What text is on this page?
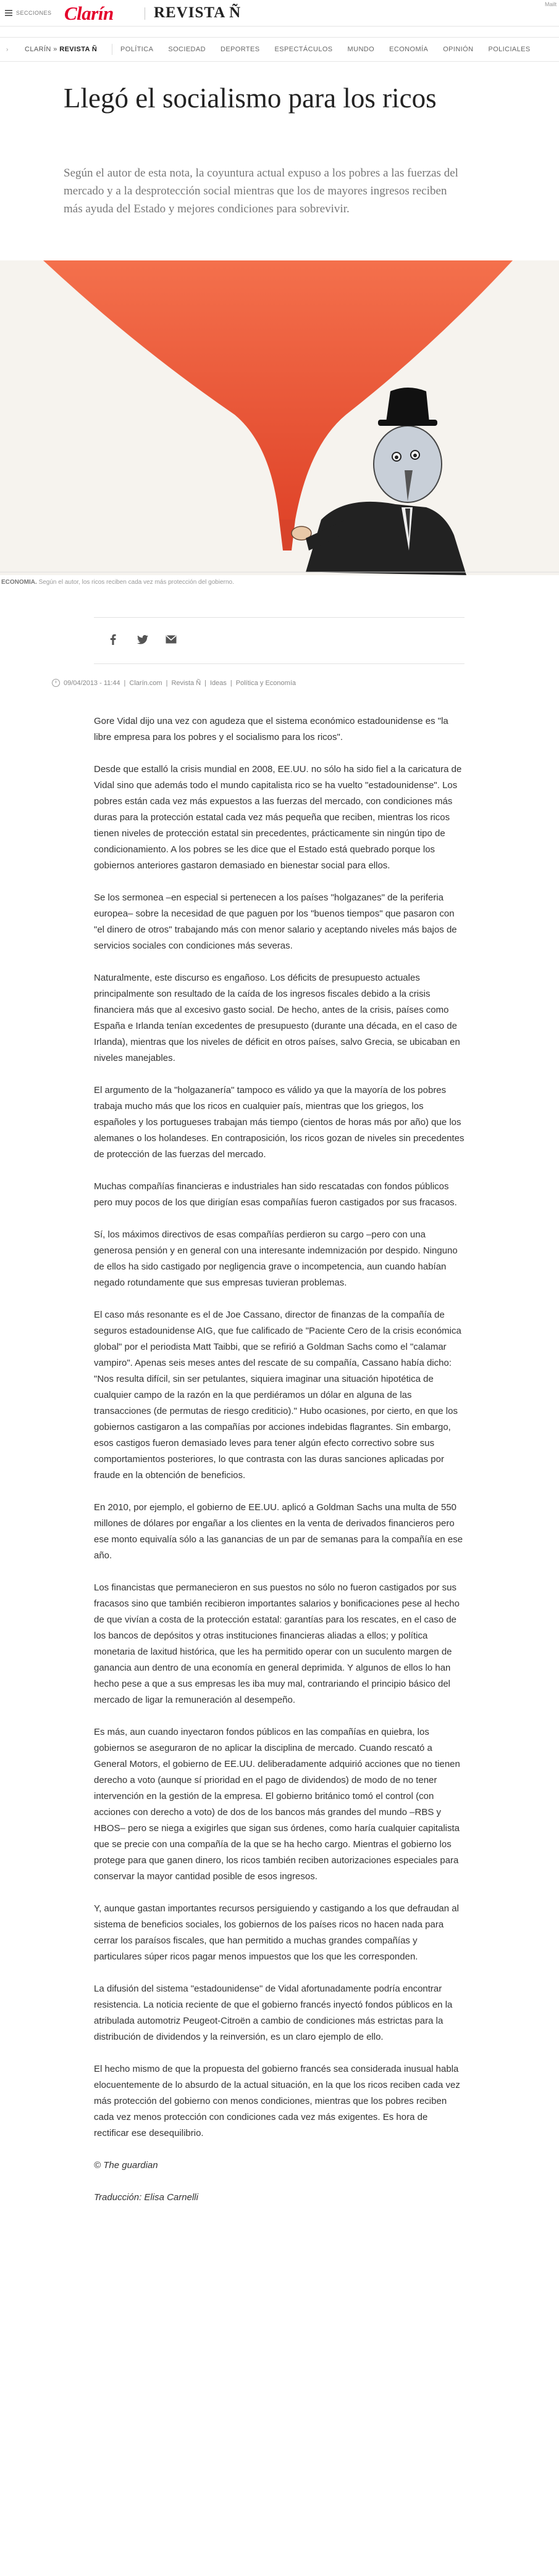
SECCIONES Clarín	REVISTA Ñ	Mailt
› CLARÍN » REVISTA Ñ	POLÍTICA SOCIEDAD DEPORTES ESPECTÁCULOS MUNDO ECONOMÍA OPINIÓN POLICIALES
Llegó el socialismo para los ricos

Según el autor de esta nota, la coyuntura actual expuso a los pobres a las fuerzas del mercado y a la desprotección social mientras que los de mayores ingresos reciben más ayuda del Estado y mejores condiciones para sobrevivir.

ECONOMIA. Según el autor, los ricos reciben cada vez más protección del gobierno.
09/04/2013 - 11:44 | Clarín.com | Revista Ñ | Ideas | Política y Economía

Gore Vidal dijo una vez con agudeza que el sistema económico estadounidense es "la libre empresa para los pobres y el socialismo para los ricos".

Desde que estalló la crisis mundial en 2008, EE.UU. no sólo ha sido fiel a la caricatura de Vidal sino que además todo el mundo capitalista rico se ha vuelto "estadounidense". Los pobres están cada vez más expuestos a las fuerzas del mercado, con condiciones más duras para la protección estatal cada vez más pequeña que reciben, mientras los ricos tienen niveles de protección estatal sin precedentes, prácticamente sin ningún tipo de condicionamiento. A los pobres se les dice que el Estado está quebrado porque los gobiernos anteriores gastaron demasiado en bienestar social para ellos.

Se los sermonea –en especial si pertenecen a los países "holgazanes" de la periferia europea– sobre la necesidad de que paguen por los "buenos tiempos" que pasaron con "el dinero de otros" trabajando más con menor salario y aceptando niveles más bajos de servicios sociales con condiciones más severas.

Naturalmente, este discurso es engañoso. Los déficits de presupuesto actuales principalmente son resultado de la caída de los ingresos fiscales debido a la crisis financiera más que al excesivo gasto social. De hecho, antes de la crisis, países como España e Irlanda tenían excedentes de presupuesto (durante una década, en el caso de Irlanda), mientras que los niveles de déficit en otros países, salvo Grecia, se ubicaban en niveles manejables.

El argumento de la "holgazanería" tampoco es válido ya que la mayoría de los pobres trabaja mucho más que los ricos en cualquier país, mientras que los griegos, los españoles y los portugueses trabajan más tiempo (cientos de horas más por año) que los alemanes o los holandeses. En contraposición, los ricos gozan de niveles sin precedentes de protección de las fuerzas del mercado.

Muchas compañías financieras e industriales han sido rescatadas con fondos públicos pero muy pocos de los que dirigían esas compañías fueron castigados por sus fracasos.

Sí, los máximos directivos de esas compañías perdieron su cargo –pero con una generosa pensión y en general con una interesante indemnización por despido. Ninguno de ellos ha sido castigado por negligencia grave o incompetencia, aun cuando habían negado rotundamente que sus empresas tuvieran problemas.

El caso más resonante es el de Joe Cassano, director de finanzas de la compañía de seguros estadounidense AIG, que fue calificado de "Paciente Cero de la crisis económica global" por el periodista Matt Taibbi, que se refirió a Goldman Sachs como el "calamar vampiro". Apenas seis meses antes del rescate de su compañía, Cassano había dicho: "Nos resulta difícil, sin ser petulantes, siquiera imaginar una situación hipotética de cualquier campo de la razón en la que perdiéramos un dólar en alguna de las transacciones (de permutas de riesgo crediticio)." Hubo ocasiones, por cierto, en que los gobiernos castigaron a las compañías por acciones indebidas flagrantes. Sin embargo, esos castigos fueron demasiado leves para tener algún efecto correctivo sobre sus comportamientos posteriores, lo que contrasta con las duras sanciones aplicadas por fraude en la obtención de beneficios.

En 2010, por ejemplo, el gobierno de EE.UU. aplicó a Goldman Sachs una multa de 550 millones de dólares por engañar a los clientes en la venta de derivados financieros pero ese monto equivalía sólo a las ganancias de un par de semanas para la compañía en ese año.

Los financistas que permanecieron en sus puestos no sólo no fueron castigados por sus fracasos sino que también recibieron importantes salarios y bonificaciones pese al hecho de que vivían a costa de la protección estatal: garantías para los rescates, en el caso de los bancos de depósitos y otras instituciones financieras aliadas a ellos; y política monetaria de laxitud histórica, que les ha permitido operar con un suculento margen de ganancia aun dentro de una economía en general deprimida. Y algunos de ellos lo han hecho pese a que a sus empresas les iba muy mal, contrariando el principio básico del mercado de ligar la remuneración al desempeño.

Es más, aun cuando inyectaron fondos públicos en las compañías en quiebra, los gobiernos se aseguraron de no aplicar la disciplina de mercado. Cuando rescató a General Motors, el gobierno de EE.UU. deliberadamente adquirió acciones que no tienen derecho a voto (aunque sí prioridad en el pago de dividendos) de modo de no tener intervención en la gestión de la empresa. El gobierno británico tomó el control (con acciones con derecho a voto) de dos de los bancos más grandes del mundo –RBS y HBOS– pero se niega a exigirles que sigan sus órdenes, como haría cualquier capitalista que se precie con una compañía de la que se ha hecho cargo. Mientras el gobierno los protege para que ganen dinero, los ricos también reciben autorizaciones especiales para conservar la mayor cantidad posible de esos ingresos.

Y, aunque gastan importantes recursos persiguiendo y castigando a los que defraudan al sistema de beneficios sociales, los gobiernos de los países ricos no hacen nada para cerrar los paraísos fiscales, que han permitido a muchas grandes compañías y particulares súper ricos pagar menos impuestos que los que les corresponden.

La difusión del sistema "estadounidense" de Vidal afortunadamente podría encontrar resistencia. La noticia reciente de que el gobierno francés inyectó fondos públicos en la atribulada automotriz Peugeot-Citroën a cambio de condiciones más estrictas para la distribución de dividendos y la reinversión, es un claro ejemplo de ello.

El hecho mismo de que la propuesta del gobierno francés sea considerada inusual habla elocuentemente de lo absurdo de la actual situación, en la que los ricos reciben cada vez más protección del gobierno con menos condiciones, mientras que los pobres reciben cada vez menos protección con condiciones cada vez más exigentes. Es hora de rectificar ese desequilibrio.

© The guardian

Traducción: Elisa Carnelli
